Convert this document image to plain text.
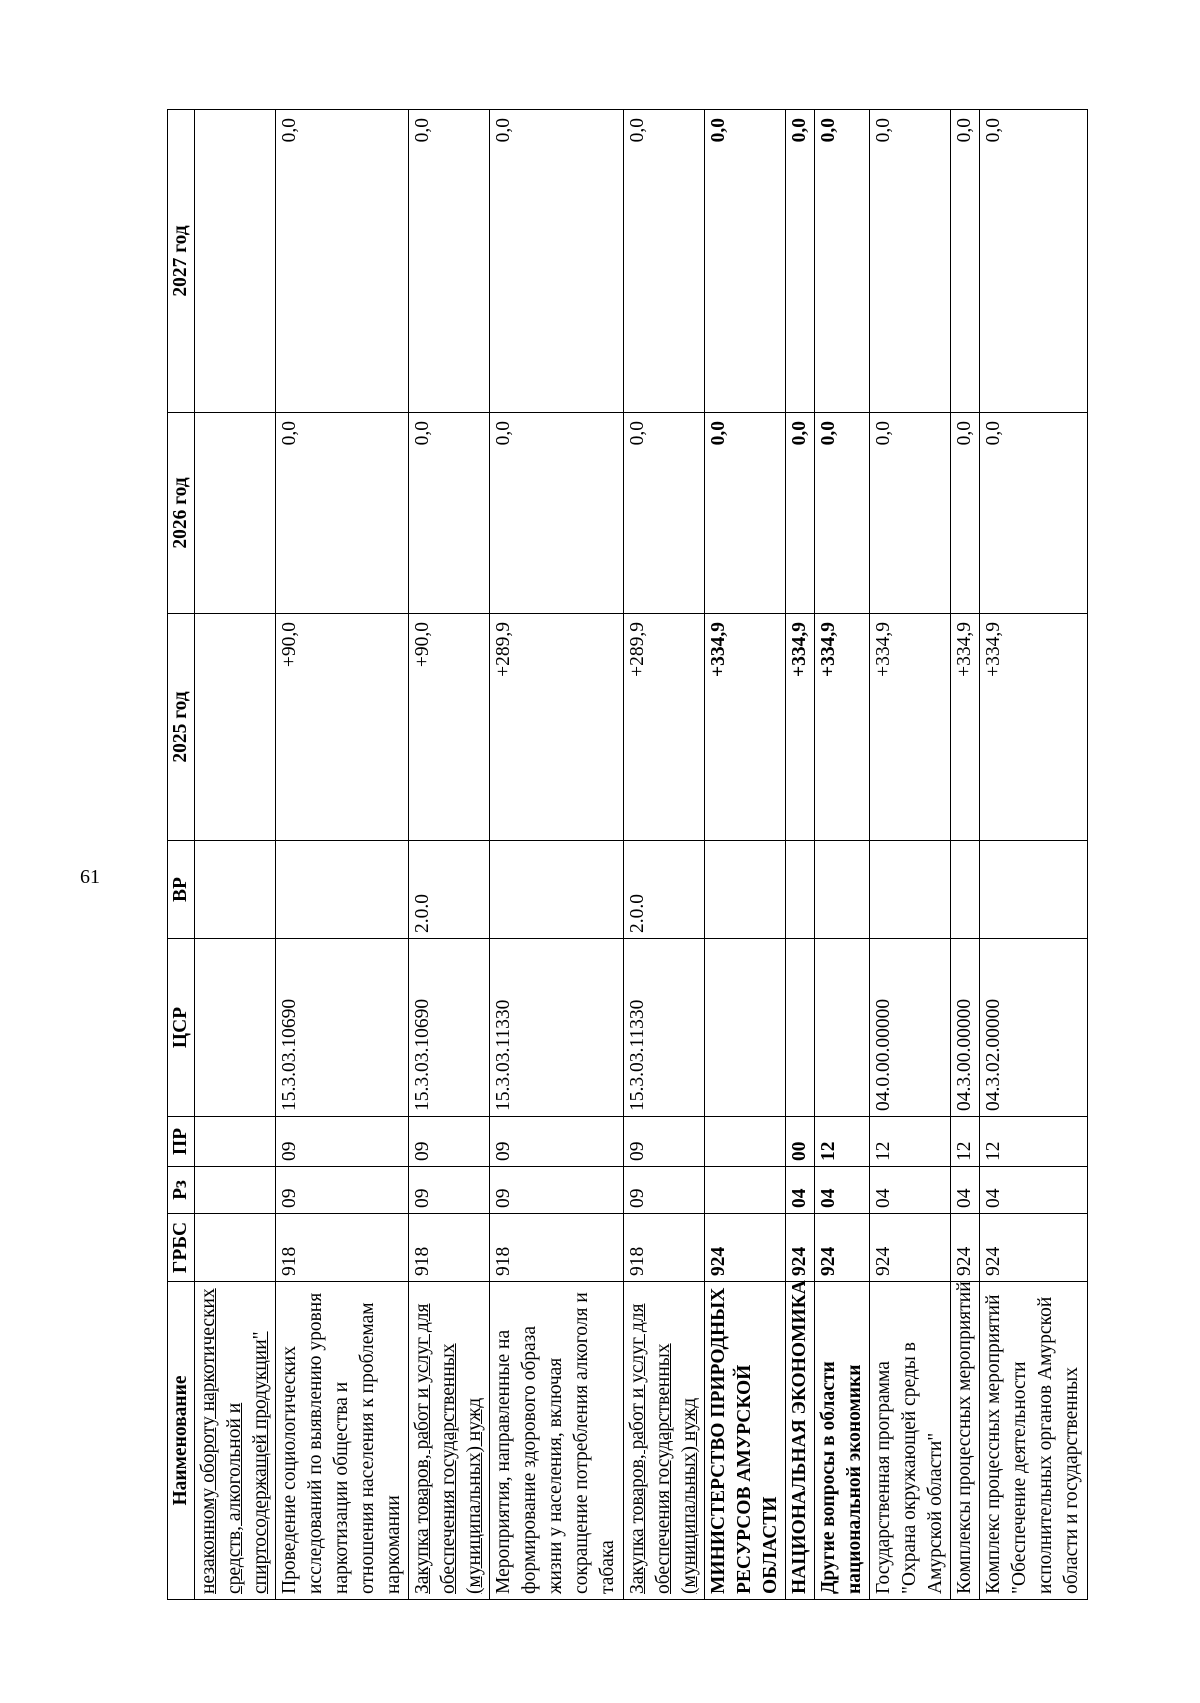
61
Наименование	ГРБС	Рз	ПР	ЦСР	ВР	2025 год	2026 год	2027 год
незаконному обороту наркотических средств, алкогольной и спиртосодержащей продукции"								
Проведение социологических исследований по выявлению уровня наркотизации общества и отношения населения к проблемам наркомании	918	09	09	15.3.03.10690		+90,0	0,0	0,0
Закупка товаров, работ и услуг для обеспечения государственных (муниципальных) нужд	918	09	09	15.3.03.10690	2.0.0	+90,0	0,0	0,0
Мероприятия, направленные на формирование здорового образа жизни у населения, включая сокращение потребления алкоголя и табака	918	09	09	15.3.03.11330		+289,9	0,0	0,0
Закупка товаров, работ и услуг для обеспечения государственных (муниципальных) нужд	918	09	09	15.3.03.11330	2.0.0	+289,9	0,0	0,0
МИНИСТЕРСТВО ПРИРОДНЫХ РЕСУРСОВ АМУРСКОЙ ОБЛАСТИ	924					+334,9	0,0	0,0
НАЦИОНАЛЬНАЯ ЭКОНОМИКА	924	04	00			+334,9	0,0	0,0
Другие вопросы в области национальной экономики	924	04	12			+334,9	0,0	0,0
Государственная программа "Охрана окружающей среды в Амурской области"	924	04	12	04.0.00.00000		+334,9	0,0	0,0
Комплексы процессных мероприятий	924	04	12	04.3.00.00000		+334,9	0,0	0,0
Комплекс процессных мероприятий "Обеспечение деятельности исполнительных органов Амурской области и государственных	924	04	12	04.3.02.00000		+334,9	0,0	0,0
